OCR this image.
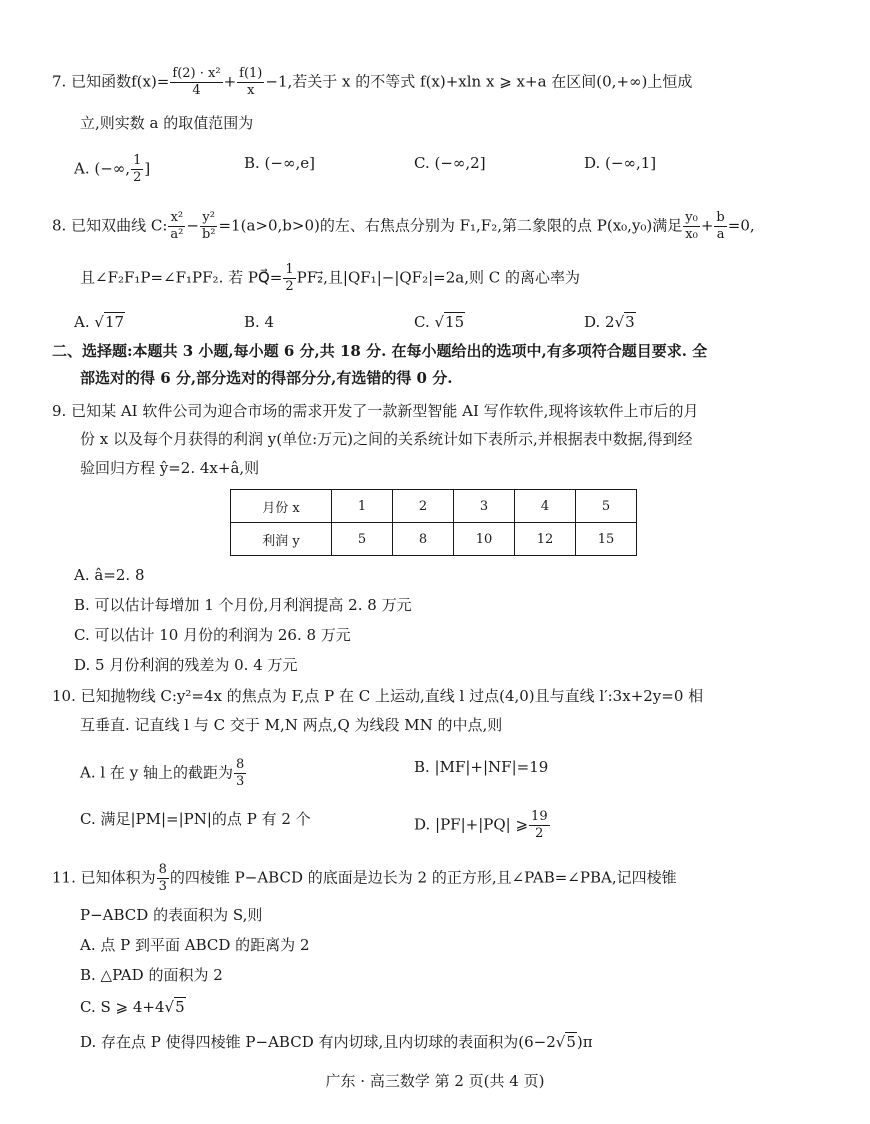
7. 已知函数$f(x)= \frac{\text{f(2) · x²}}{4} + \frac{f(1)}{x} -1$,若关于 x 的不等式 f(x)+xln x ⩾ x+a 在区间(0,+∞)上恒成
立,则实数 a 的取值范围为
A. (−∞, $\frac{1}{2}$ ]	B. (−∞,e]	C. (−∞,2]	D. (−∞,1]
8. 已知双曲线 C: $\frac{\text{x²}}{\text{a²}} - \frac{\text{y²}}{\text{b²}} =1(a>0,b>0)$的左、右焦点分别为 F₁,F₂,第二象限的点 P(x₀,y₀)满足 $\frac{\text{y₀}}{\text{x₀}} + \frac{b}{a} =0$,
且∠F₂F₁P=∠F₁PF₂. 若 PQ⃗= $\frac{1}{2}$ PF₂⃗,且|QF₁|−|QF₂|=2a,则 C 的离心率为
A. √17	B. 4	C. √15	D. 2√3
二、选择题:本题共 3 小题,每小题 6 分,共 18 分. 在每小题给出的选项中,有多项符合题目要求. 全
部选对的得 6 分,部分选对的得部分分,有选错的得 0 分.
9. 已知某 AI 软件公司为迎合市场的需求开发了一款新型智能 AI 写作软件,现将该软件上市后的月
份 x 以及每个月获得的利润 y(单位:万元)之间的关系统计如下表所示,并根据表中数据,得到经
验回归方程 ŷ=2. 4x+â,则
月份 x	1	2	3	4	5
利润 y	5	8	10	12	15
A. â=2. 8
B. 可以估计每增加 1 个月份,月利润提高 2. 8 万元
C. 可以估计 10 月份的利润为 26. 8 万元
D. 5 月份利润的残差为 0. 4 万元
10. 已知抛物线 C:y²=4x 的焦点为 F,点 P 在 C 上运动,直线 l 过点(4,0)且与直线 l′:3x+2y=0 相
互垂直. 记直线 l 与 C 交于 M,N 两点,Q 为线段 MN 的中点,则
A. l 在 y 轴上的截距为 $\frac{8}{3}$	B. |MF|+|NF|=19
C. 满足|PM|=|PN|的点 P 有 2 个	D. |PF|+|PQ| ⩾ $\frac{19}{2}$
11. 已知体积为 $\frac{8}{3}$ 的四棱锥 P−ABCD 的底面是边长为 2 的正方形,且∠PAB=∠PBA,记四棱锥
P−ABCD 的表面积为 S,则
A. 点 P 到平面 ABCD 的距离为 2
B. △PAD 的面积为 2
C. S ⩾ 4+4√5
D. 存在点 P 使得四棱锥 P−ABCD 有内切球,且内切球的表面积为(6−2√5)π
广东 · 高三数学 第 2 页(共 4 页)
